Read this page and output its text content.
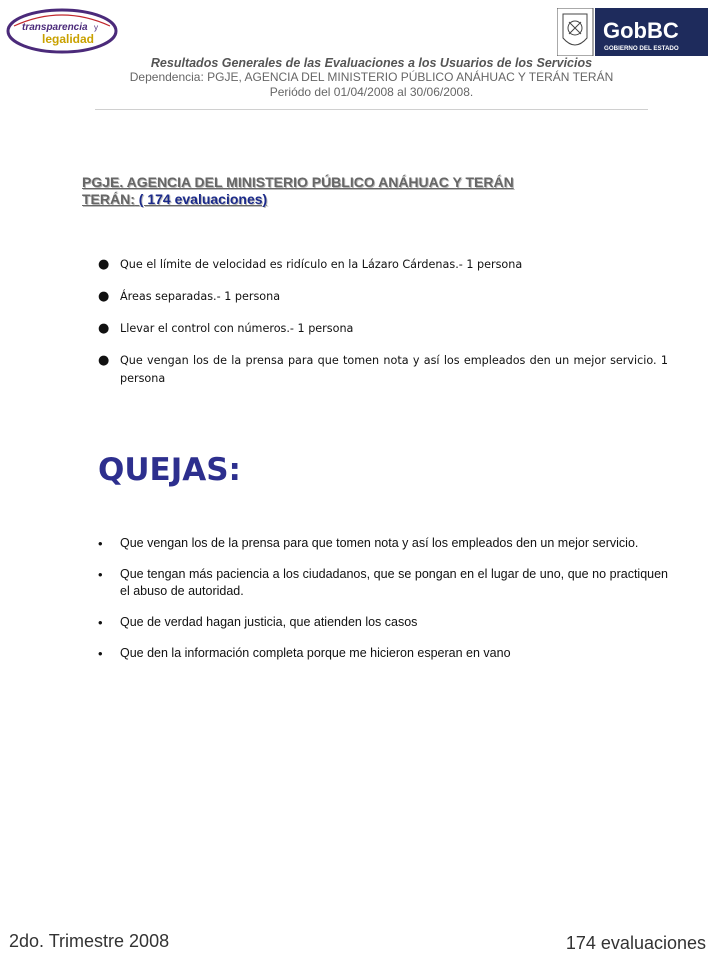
transparencia y
legalidad	GobBC
GOBIERNO DEL ESTADO
Resultados Generales de las Evaluaciones a los Usuarios de los Servicios
Dependencia: PGJE, AGENCIA DEL MINISTERIO PÚBLICO ANÁHUAC Y TERÁN TERÁN
Periódo del 01/04/2008 al 30/06/2008.
PGJE. AGENCIA DEL MINISTERIO PÚBLICO ANÁHUAC Y TERÁN
TERÁN: ( 174 evaluaciones)
● Que el límite de velocidad es ridículo en la Lázaro Cárdenas.- 1 persona
● Áreas separadas.- 1 persona
● Llevar el control con números.- 1 persona
● Que vengan los de la prensa para que tomen nota y así los empleados den un mejor servicio. 1 persona
QUEJAS:
• Que vengan los de la prensa para que tomen nota y así los empleados den un mejor servicio.
• Que tengan más paciencia a los ciudadanos, que se pongan en el lugar de uno, que no practiquen el abuso de autoridad.
• Que de verdad hagan justicia, que atienden los casos
• Que den la información completa porque me hicieron esperan en vano
2do. Trimestre 2008	174 evaluaciones
